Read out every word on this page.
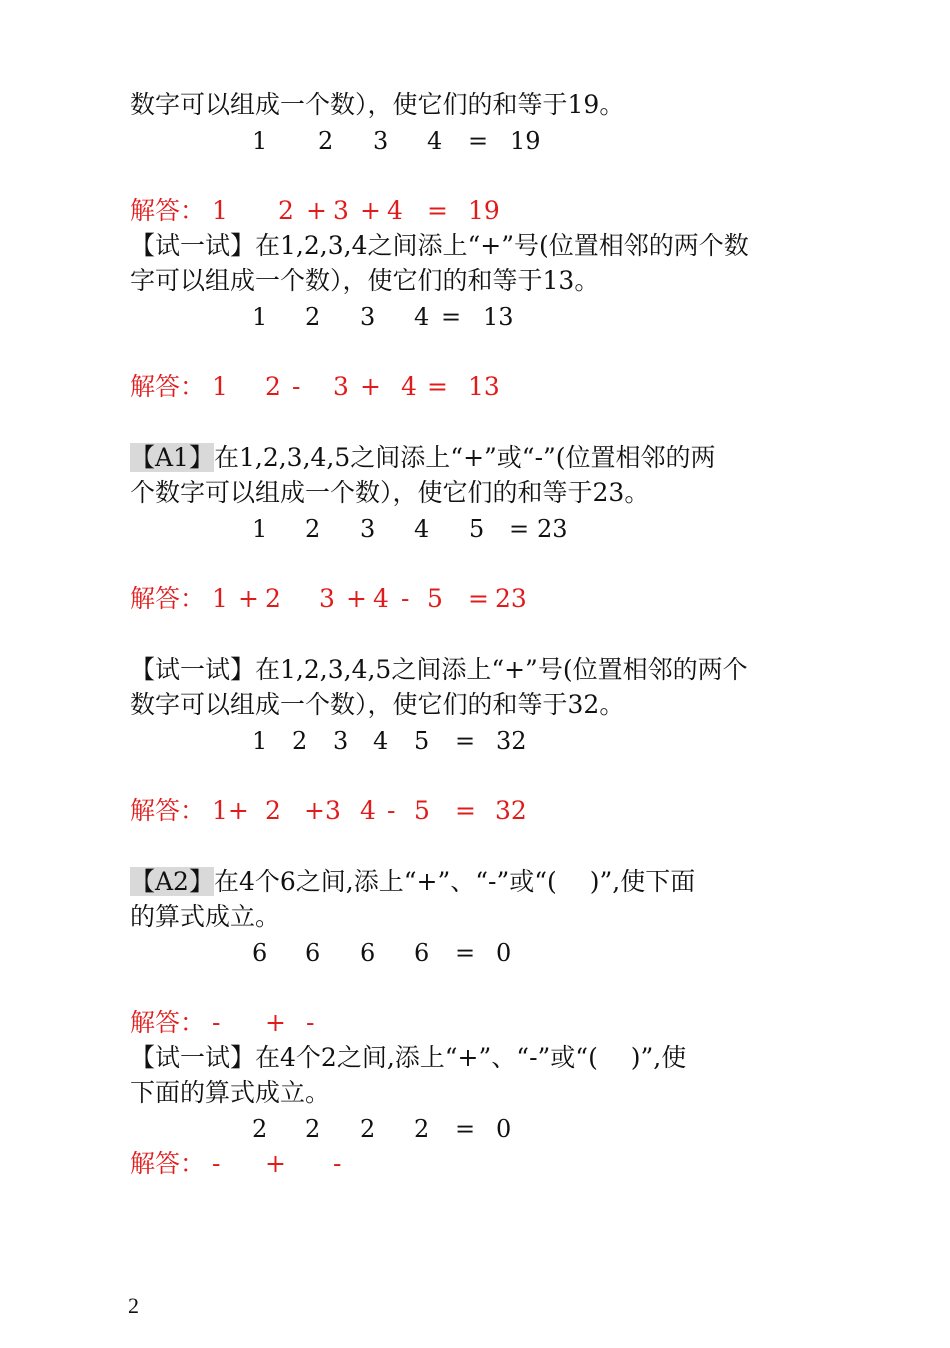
数字可以组成一个数），使它们的和等于19。
1 2 3 4 = 19
解答： 1 2 + 3 + 4 = 19
【试一试】在1,2,3,4之间添上“+”号(位置相邻的两个数
字可以组成一个数），使它们的和等于13。
1 2 3 4 = 13
解答： 1 2 - 3 + 4 = 13
【A1】在1,2,3,4,5之间添上“+”或“-”(位置相邻的两
个数字可以组成一个数），使它们的和等于23。
1 2 3 4 5 = 23
解答： 1 + 2 3 + 4 - 5 = 23
【试一试】在1,2,3,4,5之间添上“+”号(位置相邻的两个
数字可以组成一个数），使它们的和等于32。
1 2 3 4 5 = 32
解答： 1+ 2 +3 4 - 5 = 32
【A2】在4个6之间,添上“+”、“-”或“(　 )”,使下面
的算式成立。
6 6 6 6 = 0
解答： - + -
【试一试】在4个2之间,添上“+”、“-”或“(　 )”,使
下面的算式成立。
2 2 2 2 = 0
解答： - + -
2
